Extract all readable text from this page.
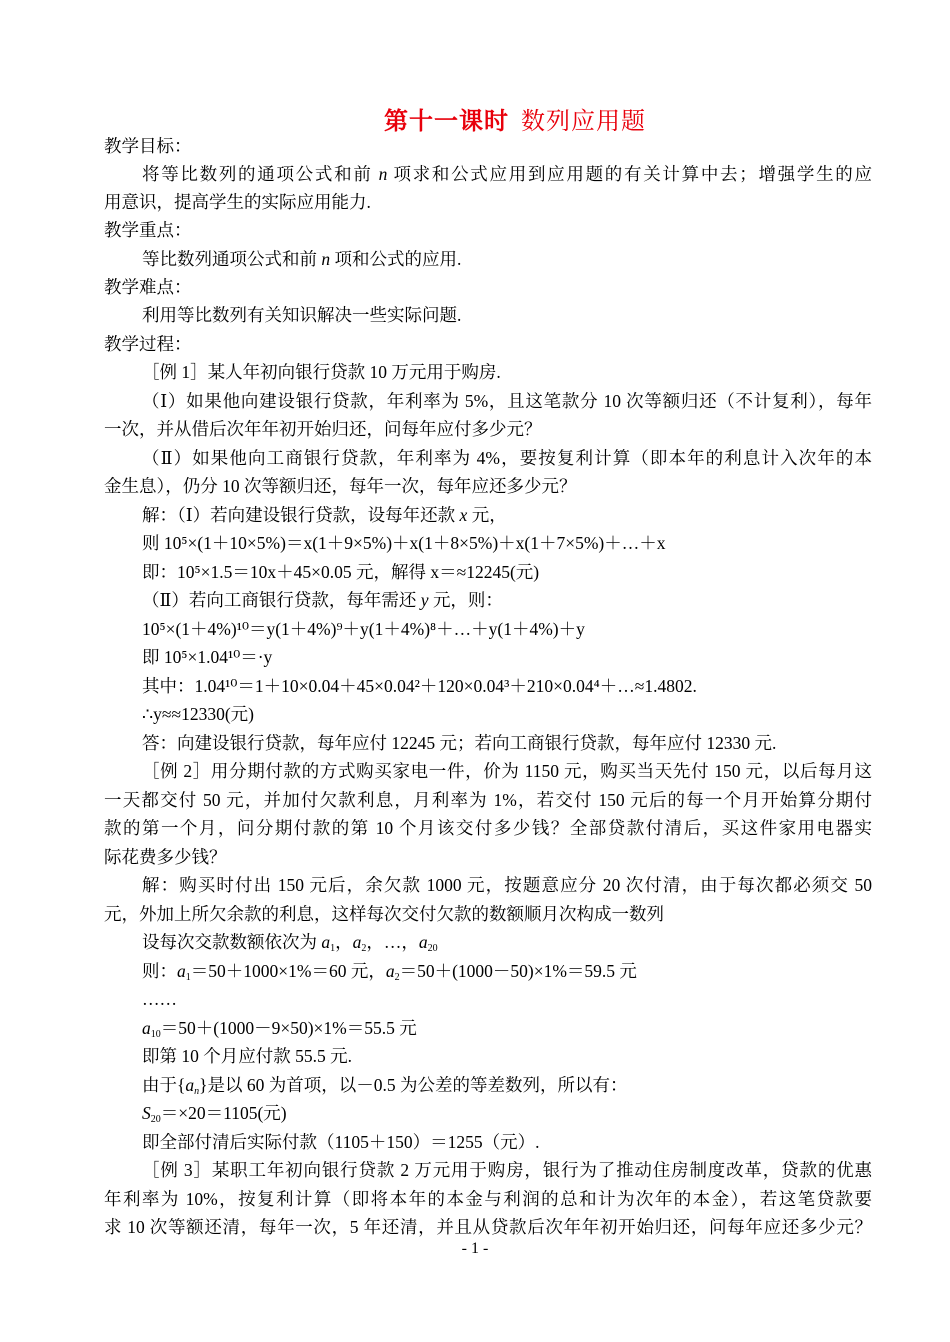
第十一课时 数列应用题
教学目标：
将等比数列的通项公式和前 n 项求和公式应用到应用题的有关计算中去；增强学生的应
用意识，提高学生的实际应用能力.
教学重点：
等比数列通项公式和前 n 项和公式的应用.
教学难点：
利用等比数列有关知识解决一些实际问题.
教学过程：
［例 1］某人年初向银行贷款 10 万元用于购房.
（Ⅰ）如果他向建设银行贷款，年利率为 5%，且这笔款分 10 次等额归还（不计复利），每年
一次，并从借后次年年初开始归还，问每年应付多少元？
（Ⅱ）如果他向工商银行贷款，年利率为 4%，要按复利计算（即本年的利息计入次年的本
金生息），仍分 10 次等额归还，每年一次，每年应还多少元？
解：（Ⅰ）若向建设银行贷款，设每年还款 x 元，
则 10⁵×(1＋10×5%)＝x(1＋9×5%)＋x(1＋8×5%)＋x(1＋7×5%)＋…＋x
即：10⁵×1.5＝10x＋45×0.05 元，解得 x＝≈12245(元)
（Ⅱ）若向工商银行贷款，每年需还 y 元，则：
10⁵×(1＋4%)¹⁰＝y(1＋4%)⁹＋y(1＋4%)⁸＋…＋y(1＋4%)＋y
即 10⁵×1.04¹⁰＝·y
其中：1.04¹⁰＝1＋10×0.04＋45×0.04²＋120×0.04³＋210×0.04⁴＋…≈1.4802.
∴y≈≈12330(元)
答：向建设银行贷款，每年应付 12245 元；若向工商银行贷款，每年应付 12330 元.
［例 2］用分期付款的方式购买家电一件，价为 1150 元，购买当天先付 150 元，以后每月这
一天都交付 50 元，并加付欠款利息，月利率为 1%，若交付 150 元后的每一个月开始算分期付
款的第一个月，问分期付款的第 10 个月该交付多少钱？全部贷款付清后，买这件家用电器实
际花费多少钱？
解：购买时付出 150 元后，余欠款 1000 元，按题意应分 20 次付清，由于每次都必须交 50
元，外加上所欠余款的利息，这样每次交付欠款的数额顺月次构成一数列
设每次交款数额依次为 $a_1$，$a_2$，…，$a_{20}$
则：$a_1=50+1000\times 1\%=60$ 元，$a_2=50+(1000-50)\times 1\%=59.5$ 元
……
$a_{10}=50+(1000-9\times 50)\times 1\%=55.5$ 元
即第 10 个月应付款 55.5 元.
由于$\{a_n\}$是以 60 为首项，以－0.5 为公差的等差数列，所以有：
$S_{20}=\times 20=1105$(元)
即全部付清后实际付款（1105＋150）＝1255（元）.
［例 3］某职工年初向银行贷款 2 万元用于购房，银行为了推动住房制度改革，贷款的优惠
年利率为 10%，按复利计算（即将本年的本金与利润的总和计为次年的本金），若这笔贷款要
求 10 次等额还清，每年一次，5 年还清，并且从贷款后次年年初开始归还，问每年应还多少元？
- 1 -
